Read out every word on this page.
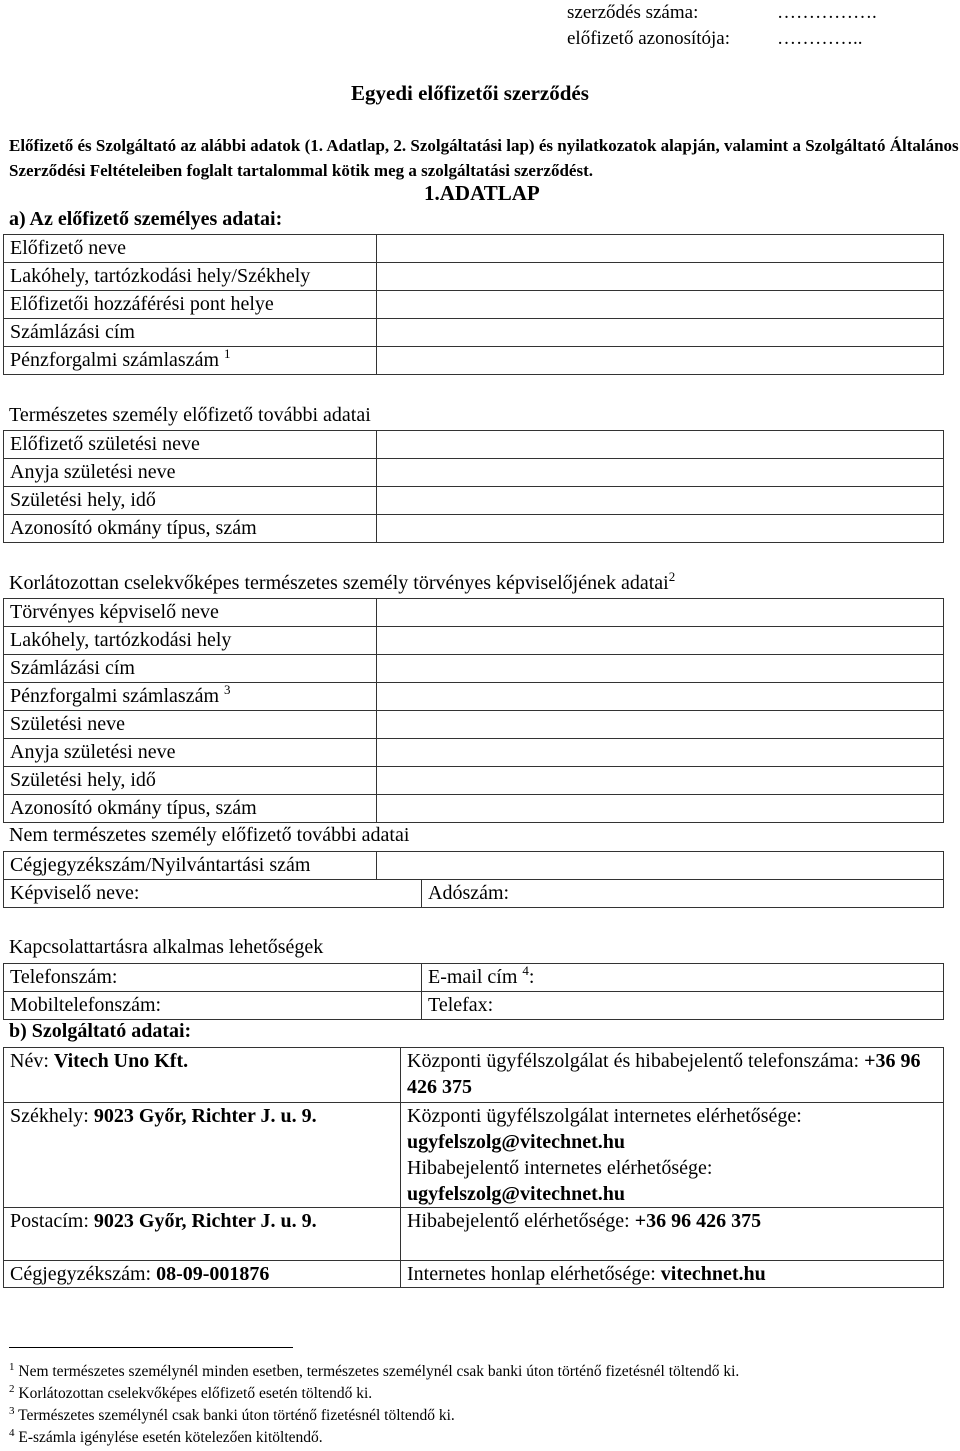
szerződés száma:	…………….
előfizető azonosítója: …………..
Egyedi előfizetői szerződés
Előfizető és Szolgáltató az alábbi adatok (1. Adatlap, 2. Szolgáltatási lap) és nyilatkozatok alapján, valamint a Szolgáltató Általános Szerződési Feltételeiben foglalt tartalommal kötik meg a szolgáltatási szerződést.
1.ADATLAP
a) Az előfizető személyes adatai:
Előfizető neve	
Lakóhely, tartózkodási hely/Székhely	
Előfizetői hozzáférési pont helye	
Számlázási cím	
Pénzforgalmi számlaszám $^1$	
Természetes személy előfizető további adatai
Előfizető születési neve	
Anyja születési neve	
Születési hely, idő	
Azonosító okmány típus, szám	
Korlátozottan cselekvőképes természetes személy törvényes képviselőjének adatai$^2$
Törvényes képviselő neve	
Lakóhely, tartózkodási hely	
Számlázási cím	
Pénzforgalmi számlaszám $^3$	
Születési neve	
Anyja születési neve	
Születési hely, idő	
Azonosító okmány típus, szám	
Nem természetes személy előfizető további adatai
Cégjegyzékszám/Nyilvántartási szám		
Képviselő neve:		Adószám:
Kapcsolattartásra alkalmas lehetőségek
Telefonszám:	E-mail cím $^4$:
Mobiltelefonszám:	Telefax:
b) Szolgáltató adatai:
Név: Vitech Uno Kft.	Központi ügyfélszolgálat és hibabejelentő telefonszáma: +36 96 426 375
Székhely: 9023 Győr, Richter J. u. 9.	Központi ügyfélszolgálat internetes elérhetősége:
ugyfelszolg@vitechnet.hu
Hibabejelentő internetes elérhetősége:
ugyfelszolg@vitechnet.hu

Postacím: 9023 Győr, Richter J. u. 9.	Hibabejelentő elérhetősége: +36 96 426 375
Cégjegyzékszám: 08-09-001876	Internetes honlap elérhetősége: vitechnet.hu
$^1$ Nem természetes személynél minden esetben, természetes személynél csak banki úton történő fizetésnél töltendő ki.
$^2$ Korlátozottan cselekvőképes előfizető esetén töltendő ki.
$^3$ Természetes személynél csak banki úton történő fizetésnél töltendő ki.
$^4$ E-számla igénylése esetén kötelezően kitöltendő.
